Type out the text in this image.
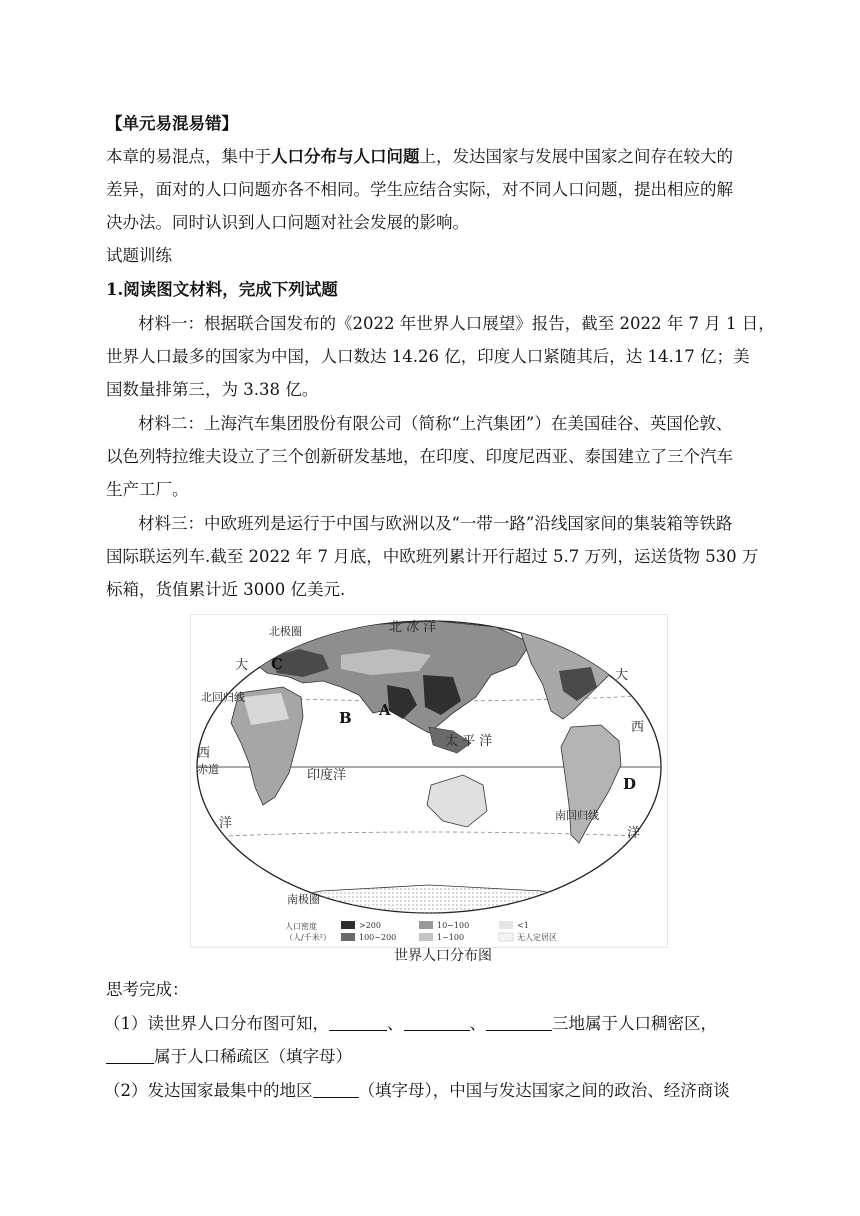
【单元易混易错】
本章的易混点，集中于人口分布与人口问题上，发达国家与发展中国家之间存在较大的
差异，面对的人口问题亦各不相同。学生应结合实际，对不同人口问题，提出相应的解
决办法。同时认识到人口问题对社会发展的影响。
试题训练
1.阅读图文材料，完成下列试题
材料一：根据联合国发布的《2022 年世界人口展望》报告，截至 2022 年 7 月 1 日，
世界人口最多的国家为中国，人口数达 14.26 亿，印度人口紧随其后，达 14.17 亿；美
国数量排第三，为 3.38 亿。
材料二：上海汽车集团股份有限公司（简称“上汽集团”）在美国硅谷、英国伦敦、
以色列特拉维夫设立了三个创新研发基地，在印度、印度尼西亚、泰国建立了三个汽车
生产工厂。
材料三：中欧班列是运行于中国与欧洲以及“一带一路”沿线国家间的集装箱等铁路
国际联运列车.截至 2022 年 7 月底，中欧班列累计开行超过 5.7 万列，运送货物 530 万
标箱，货值累计近 3000 亿美元.
北 冰 洋
北极圈
北回归线
赤道
南回归线
南极圈
太 平 洋
印度洋
大
西
洋
大
西
洋
A
B
C
D
人口密度
（人/千米²）
>200	10~100	<1
100~200	1~100	无人定居区
世界人口分布图
思考完成：
（1）读世界人口分布图可知，	、	、	三地属于人口稠密区，
属于人口稀疏区（填字母）
（2）发达国家最集中的地区	（填字母），中国与发达国家之间的政治、经济商谈
